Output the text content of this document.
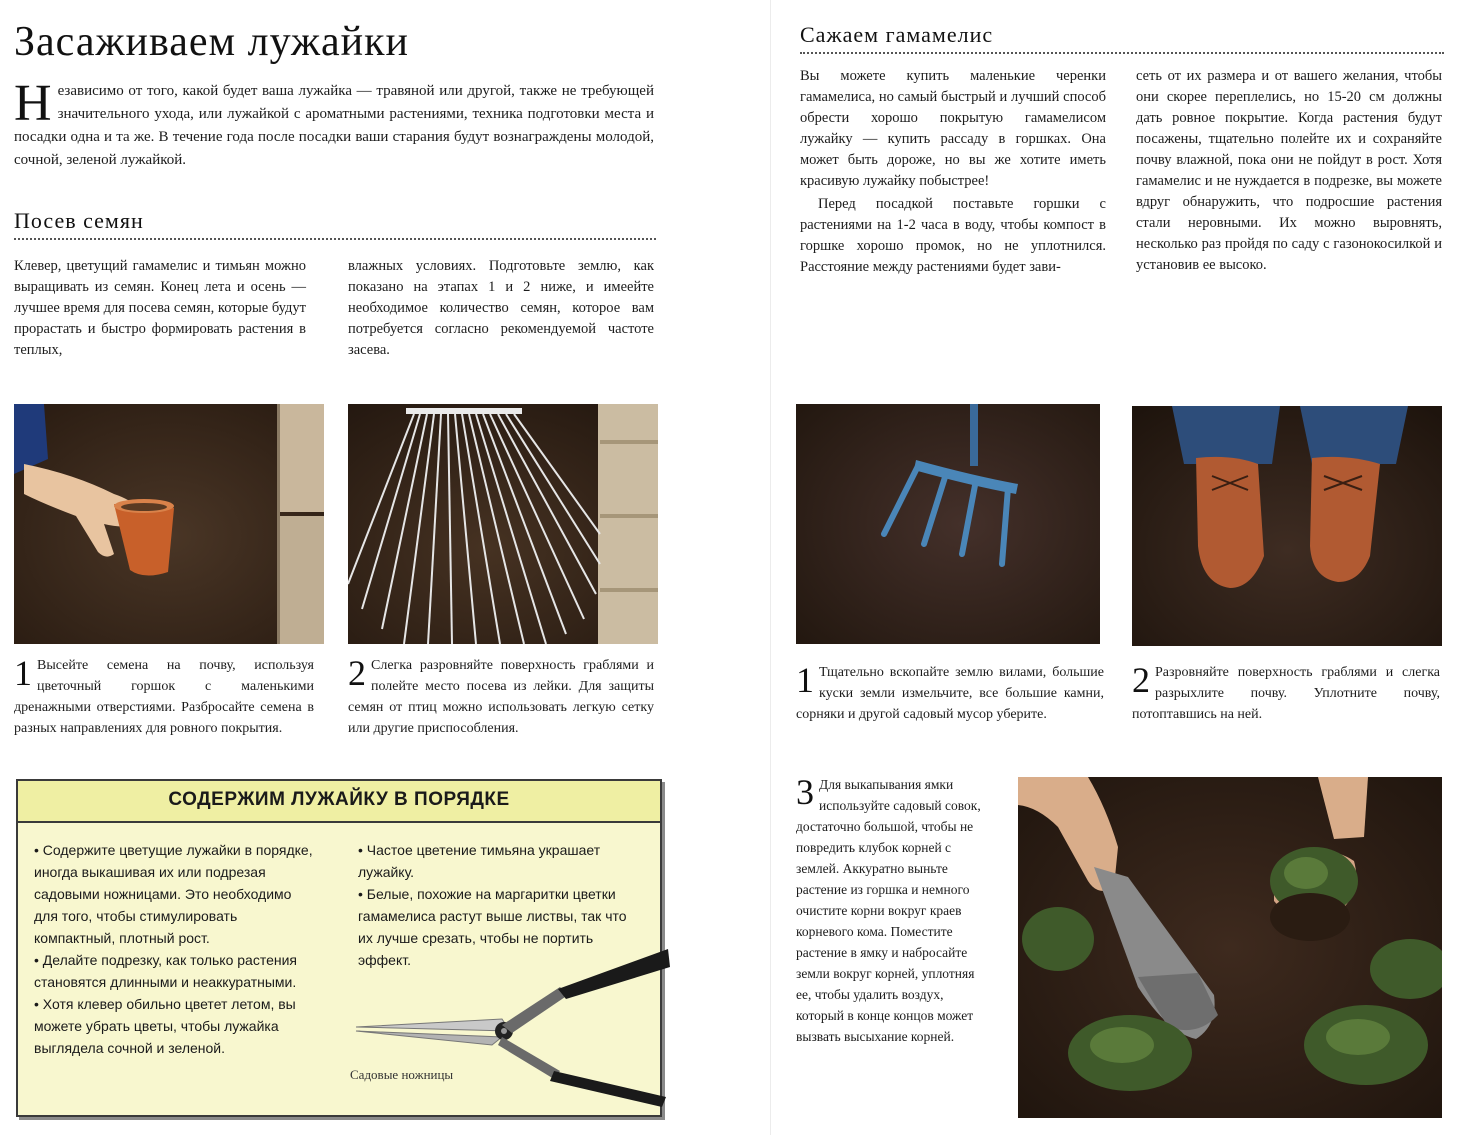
Засаживаем лужайки
Независимо от того, какой будет ваша лужайка — травяной или другой, также не требующей значительного ухода, или лужайкой с ароматными растениями, техника подготовки места и посадки одна и та же. В течение года после посадки ваши старания будут вознаграждены молодой, сочной, зеленой лужайкой.
Посев семян

Клевер, цветущий гамамелис и тимьян можно выращивать из семян. Конец лета и осень — лучшее время для посева семян, которые будут прорастать и быстро формировать растения в теплых,

влажных условиях. Подготовьте землю, как показано на этапах 1 и 2 ниже, и имеейте необходимое количество семян, которое вам потребуется согласно рекомендуемой частоте засева.

1 Высейте семена на почву, используя цветочный горшок с маленькими дренажными отверстиями. Разбросайте семена в разных направлениях для ровного покрытия.
2 Слегка разровняйте поверхность граблями и полейте место посева из лейки. Для защиты семян от птиц можно использовать легкую сетку или другие приспособления.
СОДЕРЖИМ ЛУЖАЙКУ В ПОРЯДКЕ

• Содержите цветущие лужайки в порядке, иногда выкашивая их или подрезая садовыми ножницами. Это необходимо для того, чтобы стимулировать компактный, плотный рост.

• Делайте подрезку, как только растения становятся длинными и неаккуратными.

• Хотя клевер обильно цветет летом, вы можете убрать цветы, чтобы лужайка выглядела сочной и зеленой.

• Частое цветение тимьяна украшает лужайку.

• Белые, похожие на маргаритки цветки гамамелиса растут выше листвы, так что их лучше срезать, чтобы не портить эффект.

Садовые ножницы
Сажаем гамамелис

Вы можете купить маленькие черенки гамамелиса, но самый быстрый и лучший способ обрести хорошо покрытую гамамелисом лужайку — купить рассаду в горшках. Она может быть дороже, но вы же хотите иметь красивую лужайку побыстрее!

Перед посадкой поставьте горшки с растениями на 1-2 часа в воду, чтобы компост в горшке хорошо промок, но не уплотнился. Расстояние между растениями будет зави-

сеть от их размера и от вашего желания, чтобы они скорее переплелись, но 15-20 см должны дать ровное покрытие. Когда растения будут посажены, тщательно полейте их и сохраняйте почву влажной, пока они не пойдут в рост. Хотя гамамелис и не нуждается в подрезке, вы можете вдруг обнаружить, что подросшие растения стали неровными. Их можно выровнять, несколько раз пройдя по саду с газонокосилкой и установив ее высоко.

1 Тщательно вскопайте землю вилами, большие куски земли измельчите, все большие камни, сорняки и другой садовый мусор уберите.
2 Разровняйте поверхность граблями и слегка разрыхлите почву. Уплотните почву, потоптавшись на ней.
3 Для выкапывания ямки используйте садовый совок, достаточно большой, чтобы не повредить клубок корней с землей. Аккуратно выньте растение из горшка и немного очистите корни вокруг краев корневого кома. Поместите растение в ямку и набросайте земли вокруг корней, уплотняя ее, чтобы удалить воздух, который в конце концов может вызвать высыхание корней.
